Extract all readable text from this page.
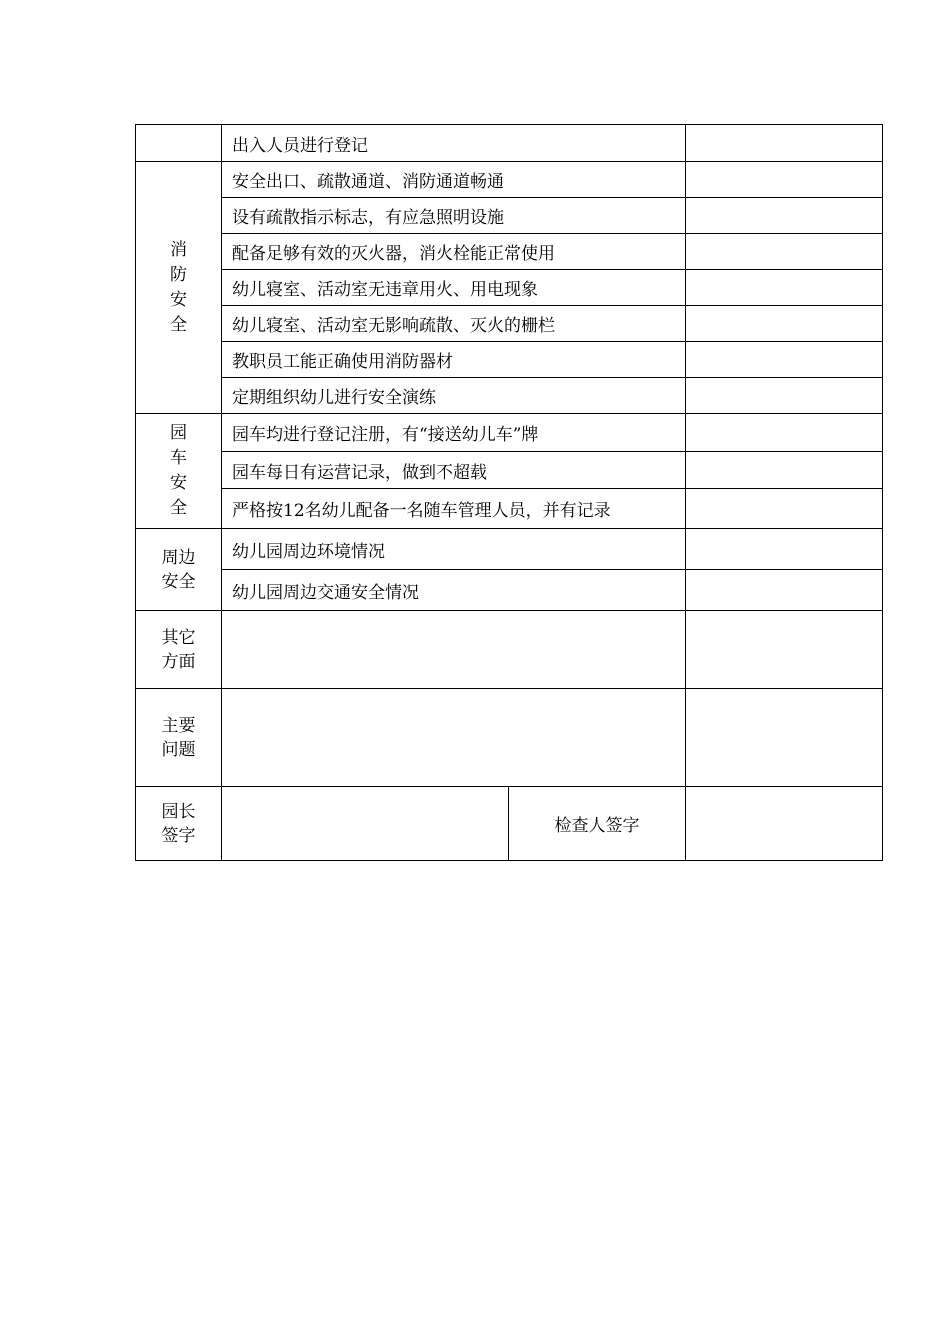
	出入人员进行登记		
消防安全	安全出口、疏散通道、消防通道畅通		
	设有疏散指示标志，有应急照明设施		
	配备足够有效的灭火器，消火栓能正常使用		
	幼儿寝室、活动室无违章用火、用电现象		
	幼儿寝室、活动室无影响疏散、灭火的栅栏		
	教职员工能正确使用消防器材		
	定期组织幼儿进行安全演练		
园车安全	园车均进行登记注册，有“接送幼儿车”牌		
	园车每日有运营记录，做到不超载		
	严格按12名幼儿配备一名随车管理人员，并有记录		
周边安全	幼儿园周边环境情况		
	幼儿园周边交通安全情况		
其它方面			
主要问题			
园长签字		检查人签字	
